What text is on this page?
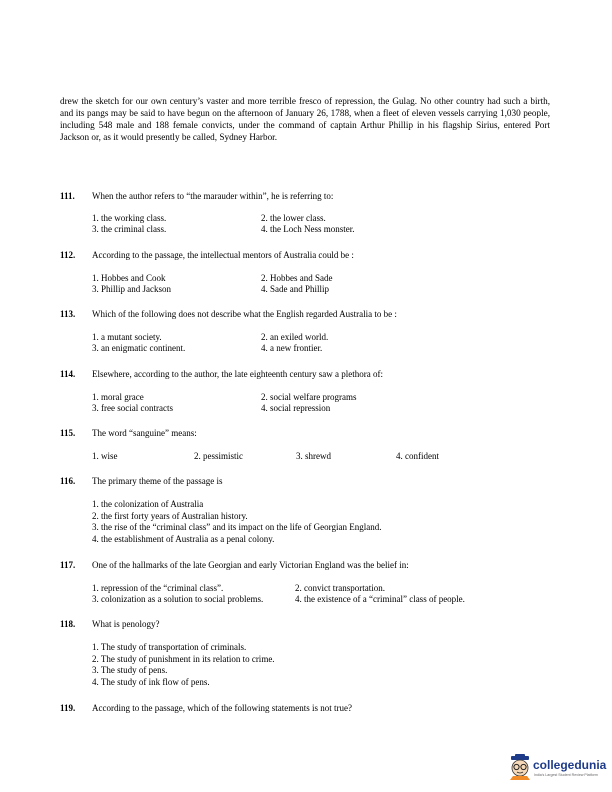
drew the sketch for our own century’s vaster and more terrible fresco of repression, the Gulag. No other country had such a birth, and its pangs may be said to have begun on the afternoon of January 26, 1788, when a fleet of eleven vessels carrying 1,030 people, including 548 male and 188 female convicts, under the command of captain Arthur Phillip in his flagship Sirius, entered Port Jackson or, as it would presently be called, Sydney Harbor.

111. When the author refers to “the marauder within”, he is referring to:
1. the working class.	2. the lower class.
3. the criminal class.	4. the Loch Ness monster.
112. According to the passage, the intellectual mentors of Australia could be :
1. Hobbes and Cook	2. Hobbes and Sade
3. Phillip and Jackson	4. Sade and Phillip
113. Which of the following does not describe what the English regarded Australia to be :
1. a mutant society.	2. an exiled world.
3. an enigmatic continent.	4. a new frontier.
114. Elsewhere, according to the author, the late eighteenth century saw a plethora of:
1. moral grace	2. social welfare programs
3. free social contracts	4. social repression
115. The word “sanguine” means:
1. wise	2. pessimistic	3. shrewd	4. confident
116. The primary theme of the passage is
1. the colonization of Australia
2. the first forty years of Australian history.
3. the rise of the “criminal class” and its impact on the life of Georgian England.
4. the establishment of Australia as a penal colony.
117. One of the hallmarks of the late Georgian and early Victorian England was the belief in:
1. repression of the “criminal class”.	2. convict transportation.
3. colonization as a solution to social problems.	4. the existence of a “criminal” class of people.
118. What is penology?
1. The study of transportation of criminals.
2. The study of punishment in its relation to crime.
3. The study of pens.
4. The study of ink flow of pens.
119. According to the passage, which of the following statements is not true?
collegedunia
India's Largest Student Review Platform
